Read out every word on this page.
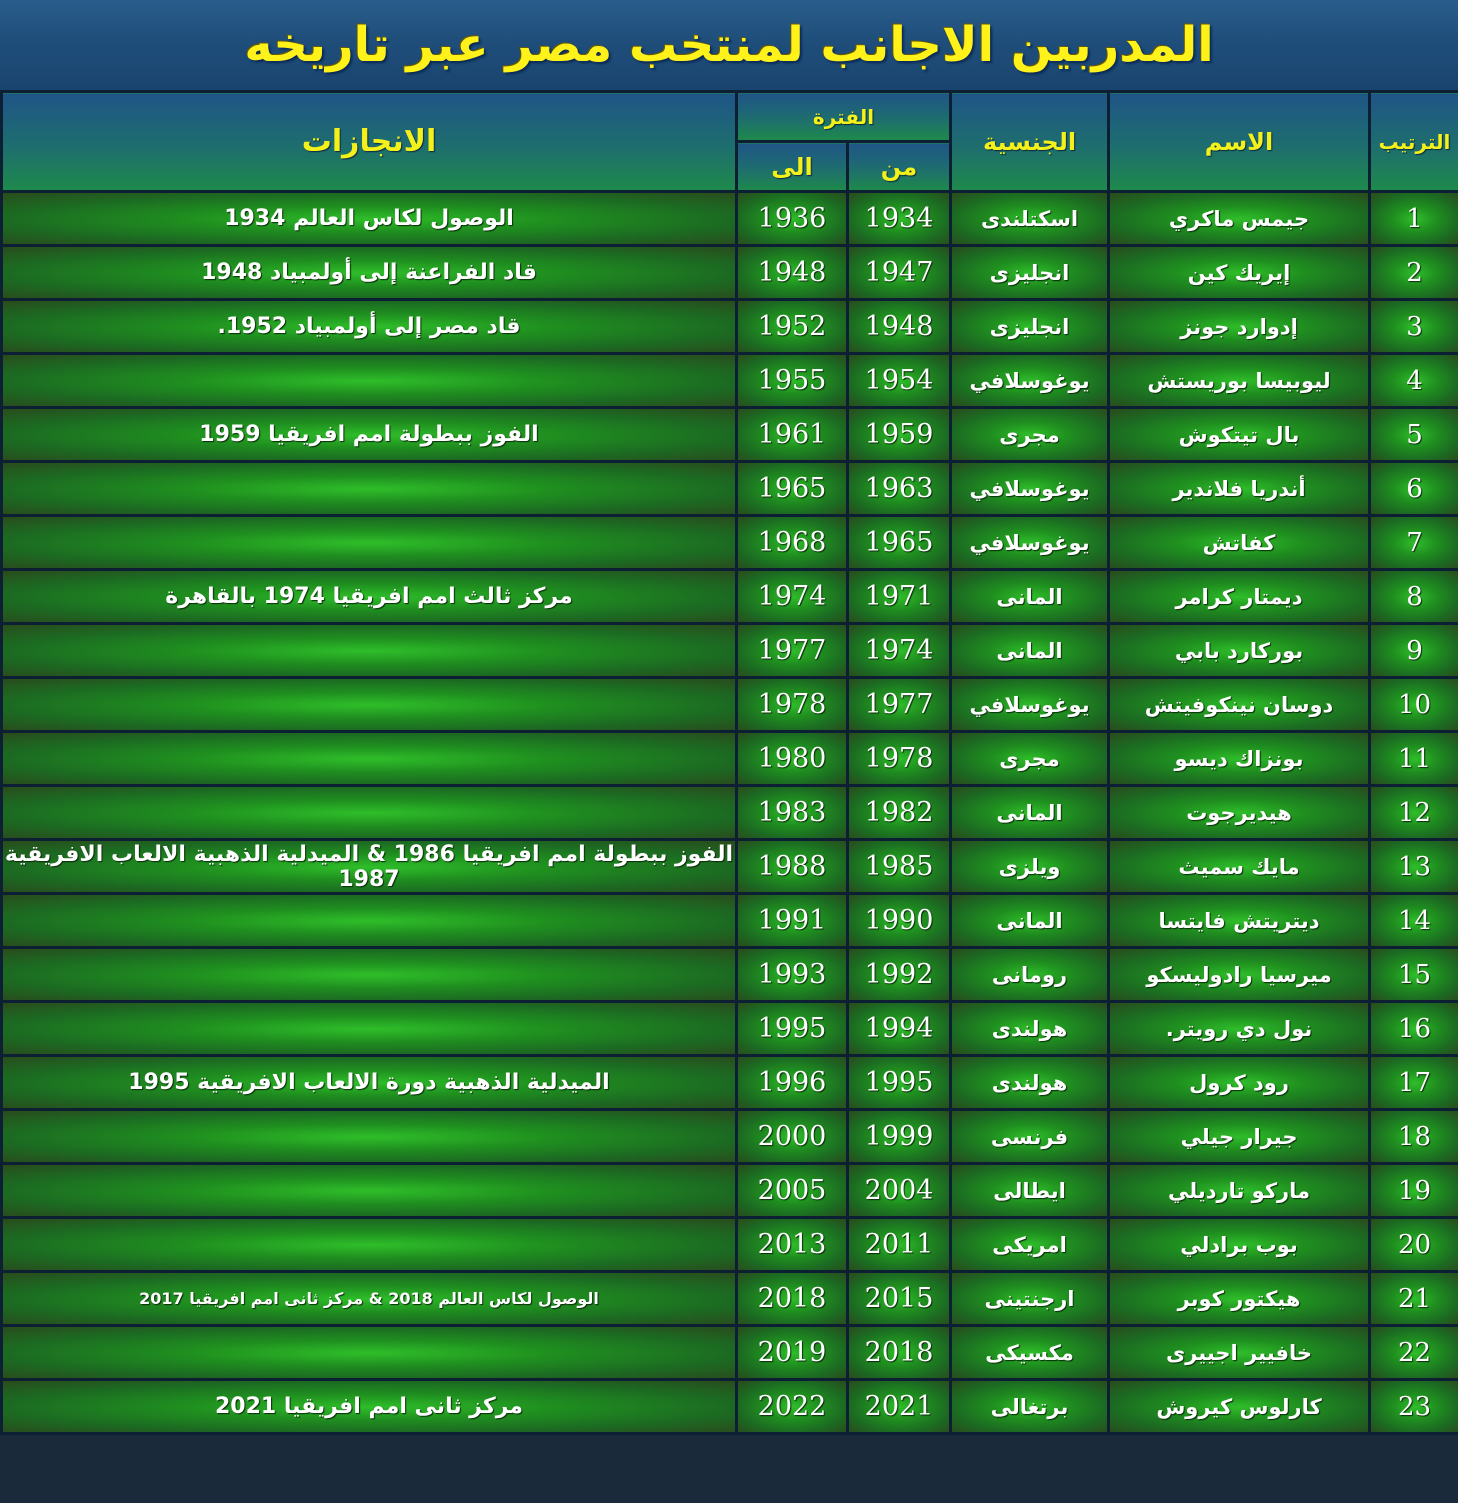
المدربين الاجانب لمنتخب مصر عبر تاريخه
الترتيب	الاسم	الجنسية	الفترة		الانجازات
			من	الى	
1	جيمس ماكري	اسكتلندى	1934	1936	الوصول لكاس العالم 1934
2	إيريك كين	انجليزى	1947	1948	قاد الفراعنة إلى أولمبياد 1948
3	إدوارد جونز	انجليزى	1948	1952	قاد مصر إلى أولمبياد 1952.
4	ليوبيسا بوريستش	يوغوسلافي	1954	1955	
5	بال تيتكوش	مجرى	1959	1961	الفوز ببطولة امم افريقيا 1959
6	أندريا فلاندير	يوغوسلافي	1963	1965	
7	كفاتش	يوغوسلافي	1965	1968	
8	ديمتار كرامر	المانى	1971	1974	مركز ثالث امم افريقيا 1974 بالقاهرة
9	بوركارد بابي	المانى	1974	1977	
10	دوسان نينكوفيتش	يوغوسلافي	1977	1978	
11	بونزاك ديسو	مجرى	1978	1980	
12	هيديرجوت	المانى	1982	1983	
13	مايك سميث	ويلزى	1985	1988	الفوز ببطولة امم افريقيا 1986 & الميدلية الذهبية الالعاب الافريقية 1987
14	ديتريتش فايتسا	المانى	1990	1991	
15	ميرسيا رادوليسكو	رومانى	1992	1993	
16	نول دي رويتر.	هولندى	1994	1995	
17	رود كرول	هولندى	1995	1996	الميدلية الذهبية دورة الالعاب الافريقية 1995
18	جيرار جيلي	فرنسى	1999	2000	
19	ماركو تارديلي	ايطالى	2004	2005	
20	بوب برادلي	امريكى	2011	2013	
21	هيكتور كوبر	ارجنتينى	2015	2018	الوصول لكاس العالم 2018 & مركز ثانى امم افريقيا 2017
22	خافيير اجييرى	مكسيكى	2018	2019	
23	كارلوس كيروش	برتغالى	2021	2022	مركز ثانى امم افريقيا 2021
